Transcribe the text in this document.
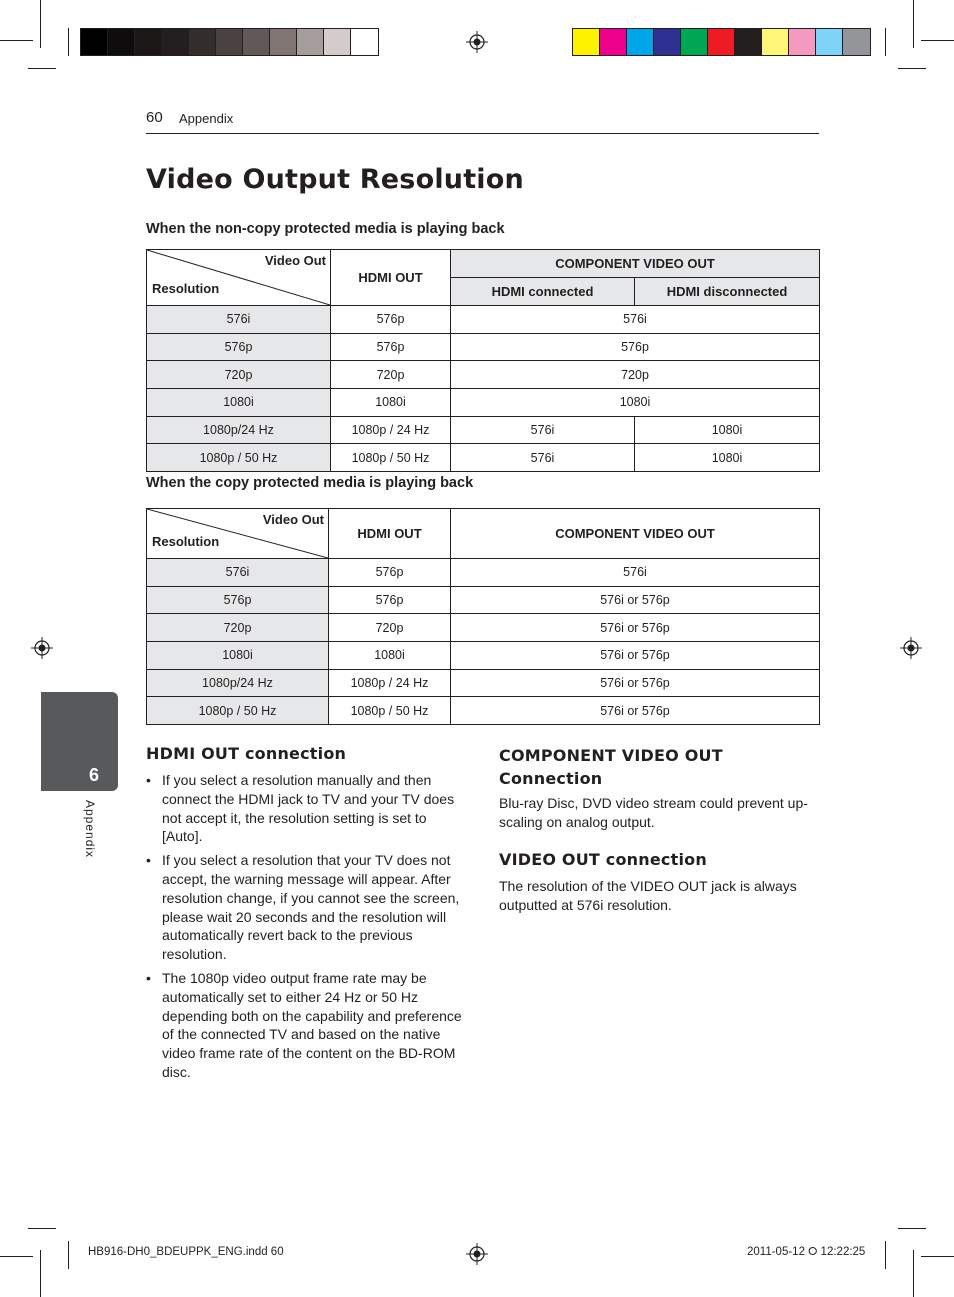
60 Appendix
Video Output Resolution
When the non-copy protected media is playing back
Video Out
Resolution	HDMI OUT	COMPONENT VIDEO OUT	
		HDMI connected	HDMI disconnected
576i	576p	576i	
576p	576p	576p	
720p	720p	720p	
1080i	1080i	1080i	
1080p/24 Hz	1080p / 24 Hz	576i	1080i
1080p / 50 Hz	1080p / 50 Hz	576i	1080i
When the copy protected media is playing back
Video Out
Resolution	HDMI OUT	COMPONENT VIDEO OUT
576i	576p	576i
576p	576p	576i or 576p
720p	720p	576i or 576p
1080i	1080i	576i or 576p
1080p/24 Hz	1080p / 24 Hz	576i or 576p
1080p / 50 Hz	1080p / 50 Hz	576i or 576p
6
Appendix
HDMI OUT connection
• If you select a resolution manually and then connect the HDMI jack to TV and your TV does not accept it, the resolution setting is set to [Auto].
• If you select a resolution that your TV does not accept, the warning message will appear. After resolution change, if you cannot see the screen, please wait 20 seconds and the resolution will automatically revert back to the previous resolution.
• The 1080p video output frame rate may be automatically set to either 24 Hz or 50 Hz depending both on the capability and preference of the connected TV and based on the native video frame rate of the content on the BD-ROM disc.
COMPONENT VIDEO OUT
Connection
Blu-ray Disc, DVD video stream could prevent up-scaling on analog output.
VIDEO OUT connection
The resolution of the VIDEO OUT jack is always outputted at 576i resolution.
HB916-DH0_BDEUPPK_ENG.indd 60	2011-05-12 ⭘ 12:22:25
